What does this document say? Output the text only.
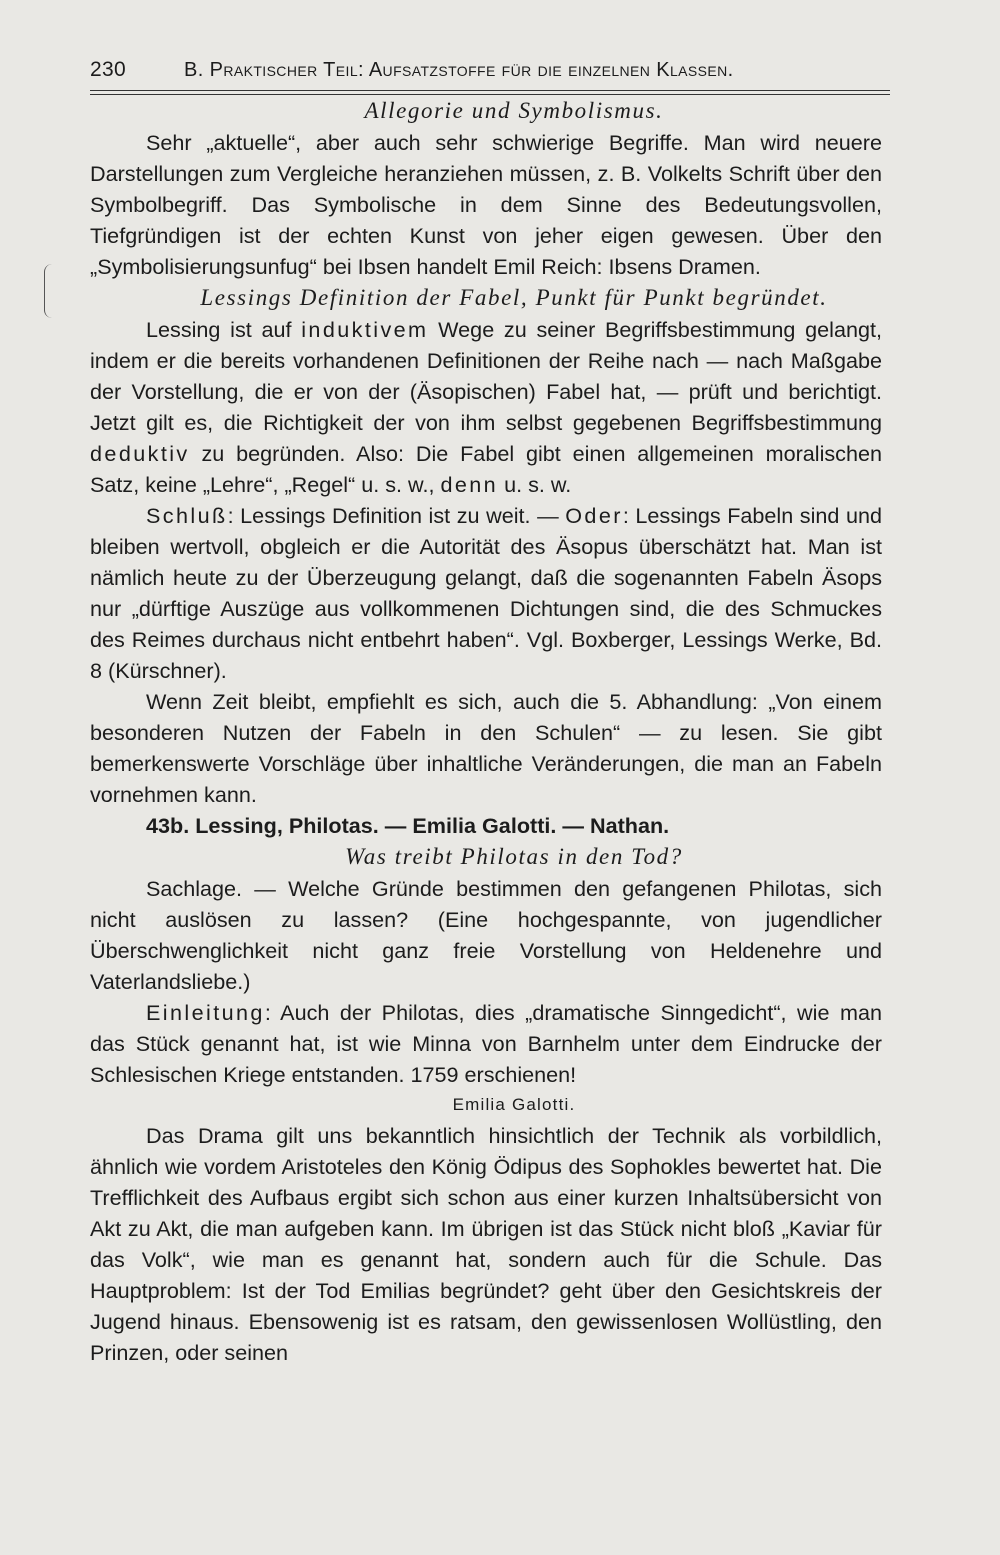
230	B. Praktischer Teil: Aufsatzstoffe für die einzelnen Klassen.

Allegorie und Symbolismus.

Sehr „aktuelle“, aber auch sehr schwierige Begriffe. Man wird neuere Darstellungen zum Vergleiche heranziehen müssen, z. B. Volkelts Schrift über den Symbolbegriff. Das Symbolische in dem Sinne des Bedeutungsvollen, Tiefgründigen ist der echten Kunst von jeher eigen gewesen. Über den „Symbolisierungsunfug“ bei Ibsen handelt Emil Reich: Ibsens Dramen.

Lessings Definition der Fabel, Punkt für Punkt begründet.

Lessing ist auf induktivem Wege zu seiner Begriffsbestimmung gelangt, indem er die bereits vorhandenen Definitionen der Reihe nach — nach Maßgabe der Vorstellung, die er von der (Äsopischen) Fabel hat, — prüft und berichtigt. Jetzt gilt es, die Richtigkeit der von ihm selbst gegebenen Begriffsbestimmung deduktiv zu begründen. Also: Die Fabel gibt einen allgemeinen moralischen Satz, keine „Lehre“, „Regel“ u. s. w., denn u. s. w.

Schluß: Lessings Definition ist zu weit. — Oder: Lessings Fabeln sind und bleiben wertvoll, obgleich er die Autorität des Äsopus überschätzt hat. Man ist nämlich heute zu der Überzeugung gelangt, daß die sogenannten Fabeln Äsops nur „dürftige Auszüge aus vollkommenen Dichtungen sind, die des Schmuckes des Reimes durchaus nicht entbehrt haben“. Vgl. Boxberger, Lessings Werke, Bd. 8 (Kürschner).

Wenn Zeit bleibt, empfiehlt es sich, auch die 5. Abhandlung: „Von einem besonderen Nutzen der Fabeln in den Schulen“ — zu lesen. Sie gibt bemerkenswerte Vorschläge über inhaltliche Veränderungen, die man an Fabeln vornehmen kann.

43b. Lessing, Philotas. — Emilia Galotti. — Nathan.

Was treibt Philotas in den Tod?

Sachlage. — Welche Gründe bestimmen den gefangenen Philotas, sich nicht auslösen zu lassen? (Eine hochgespannte, von jugendlicher Überschwenglichkeit nicht ganz freie Vorstellung von Heldenehre und Vaterlandsliebe.)

Einleitung: Auch der Philotas, dies „dramatische Sinngedicht“, wie man das Stück genannt hat, ist wie Minna von Barnhelm unter dem Eindrucke der Schlesischen Kriege entstanden. 1759 erschienen!

Emilia Galotti.

Das Drama gilt uns bekanntlich hinsichtlich der Technik als vorbildlich, ähnlich wie vordem Aristoteles den König Ödipus des Sophokles bewertet hat. Die Trefflichkeit des Aufbaus ergibt sich schon aus einer kurzen Inhaltsübersicht von Akt zu Akt, die man aufgeben kann. Im übrigen ist das Stück nicht bloß „Kaviar für das Volk“, wie man es genannt hat, sondern auch für die Schule. Das Hauptproblem: Ist der Tod Emilias begründet? geht über den Gesichtskreis der Jugend hinaus. Ebensowenig ist es ratsam, den gewissenlosen Wollüstling, den Prinzen, oder seinen
